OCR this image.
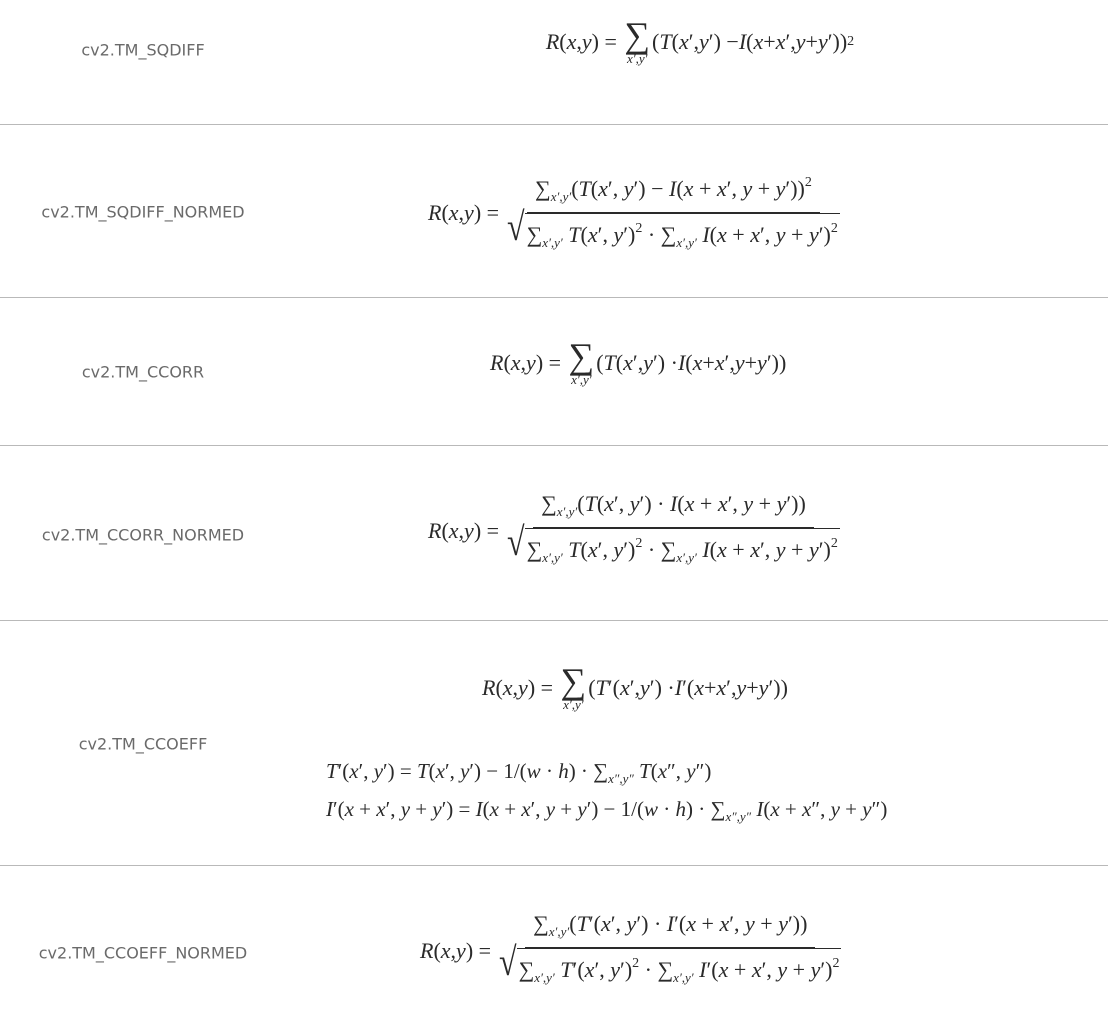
cv2.TM_SQDIFF	R ( x , y ) = ∑
x′,y′
( T ( x ′, y ′) − I ( x + x ′, y + y ′)) 2
cv2.TM_SQDIFF_NORMED	R ( x , y ) = $\frac{\sum_{x',y'}(T(x', y') - I(x + x', y + y'))^2}{√ \sum_{x',y'} T(x', y')^2 \cdot \sum_{x',y'} I(x + x', y + y')^2}$
cv2.TM_CCORR	R ( x , y ) = ∑
x′,y′
( T ( x ′, y ′) · I ( x + x ′, y + y ′))
cv2.TM_CCORR_NORMED	R ( x , y ) = $\frac{\sum_{x',y'}(T(x', y') \cdot I(x + x', y + y'))}{√ \sum_{x',y'} T(x', y')^2 \cdot \sum_{x',y'} I(x + x', y + y')^2}$
cv2.TM_CCOEFF
R ( x , y ) = ∑
x′,y′
( T ′( x ′, y ′) · I ′( x + x ′, y + y ′))
T′(x′, y′) = T(x′, $y') - 1/(w \cdot h) \cdot \sum_{x'',y''}$ T(x″, y″)
I′(x + x′, y + y′) = I(x + x′, $y + y') - 1/(w \cdot h) \cdot \sum_{x'',y''}$ I(x + x″, y + y″)
cv2.TM_CCOEFF_NORMED	R ( x , y ) = $\frac{\sum_{x',y'}(T'(x', y') \cdot I'(x + x', y + y'))}{√ \sum_{x',y'} T'(x', y')^2 \cdot \sum_{x',y'} I'(x + x', y + y')^2}$
